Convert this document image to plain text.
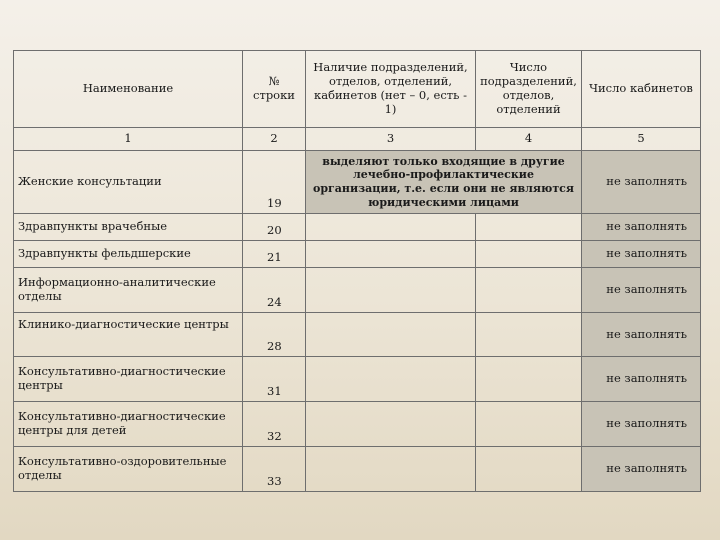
Наименование	№ строки	Наличие подразделений, отделов, отделений, кабинетов (нет – 0, есть - 1)	Число подразделений, отделов, отделений	Число кабинетов
1	2	3	4	5
Женские консультации	19	выделяют только входящие в другие лечебно-профилактические организации, т.е. если они не являются юридическими лицами		не заполнять
Здравпункты врачебные	20			не заполнять
Здравпункты фельдшерские	21			не заполнять
Информационно-аналитические отделы	24			не заполнять
Клинико-диагностические центры	28			не заполнять
Консультативно-диагностические центры	31			не заполнять
Консультативно-диагностические центры для детей	32			не заполнять
Консультативно-оздоровительные отделы	33			не заполнять
